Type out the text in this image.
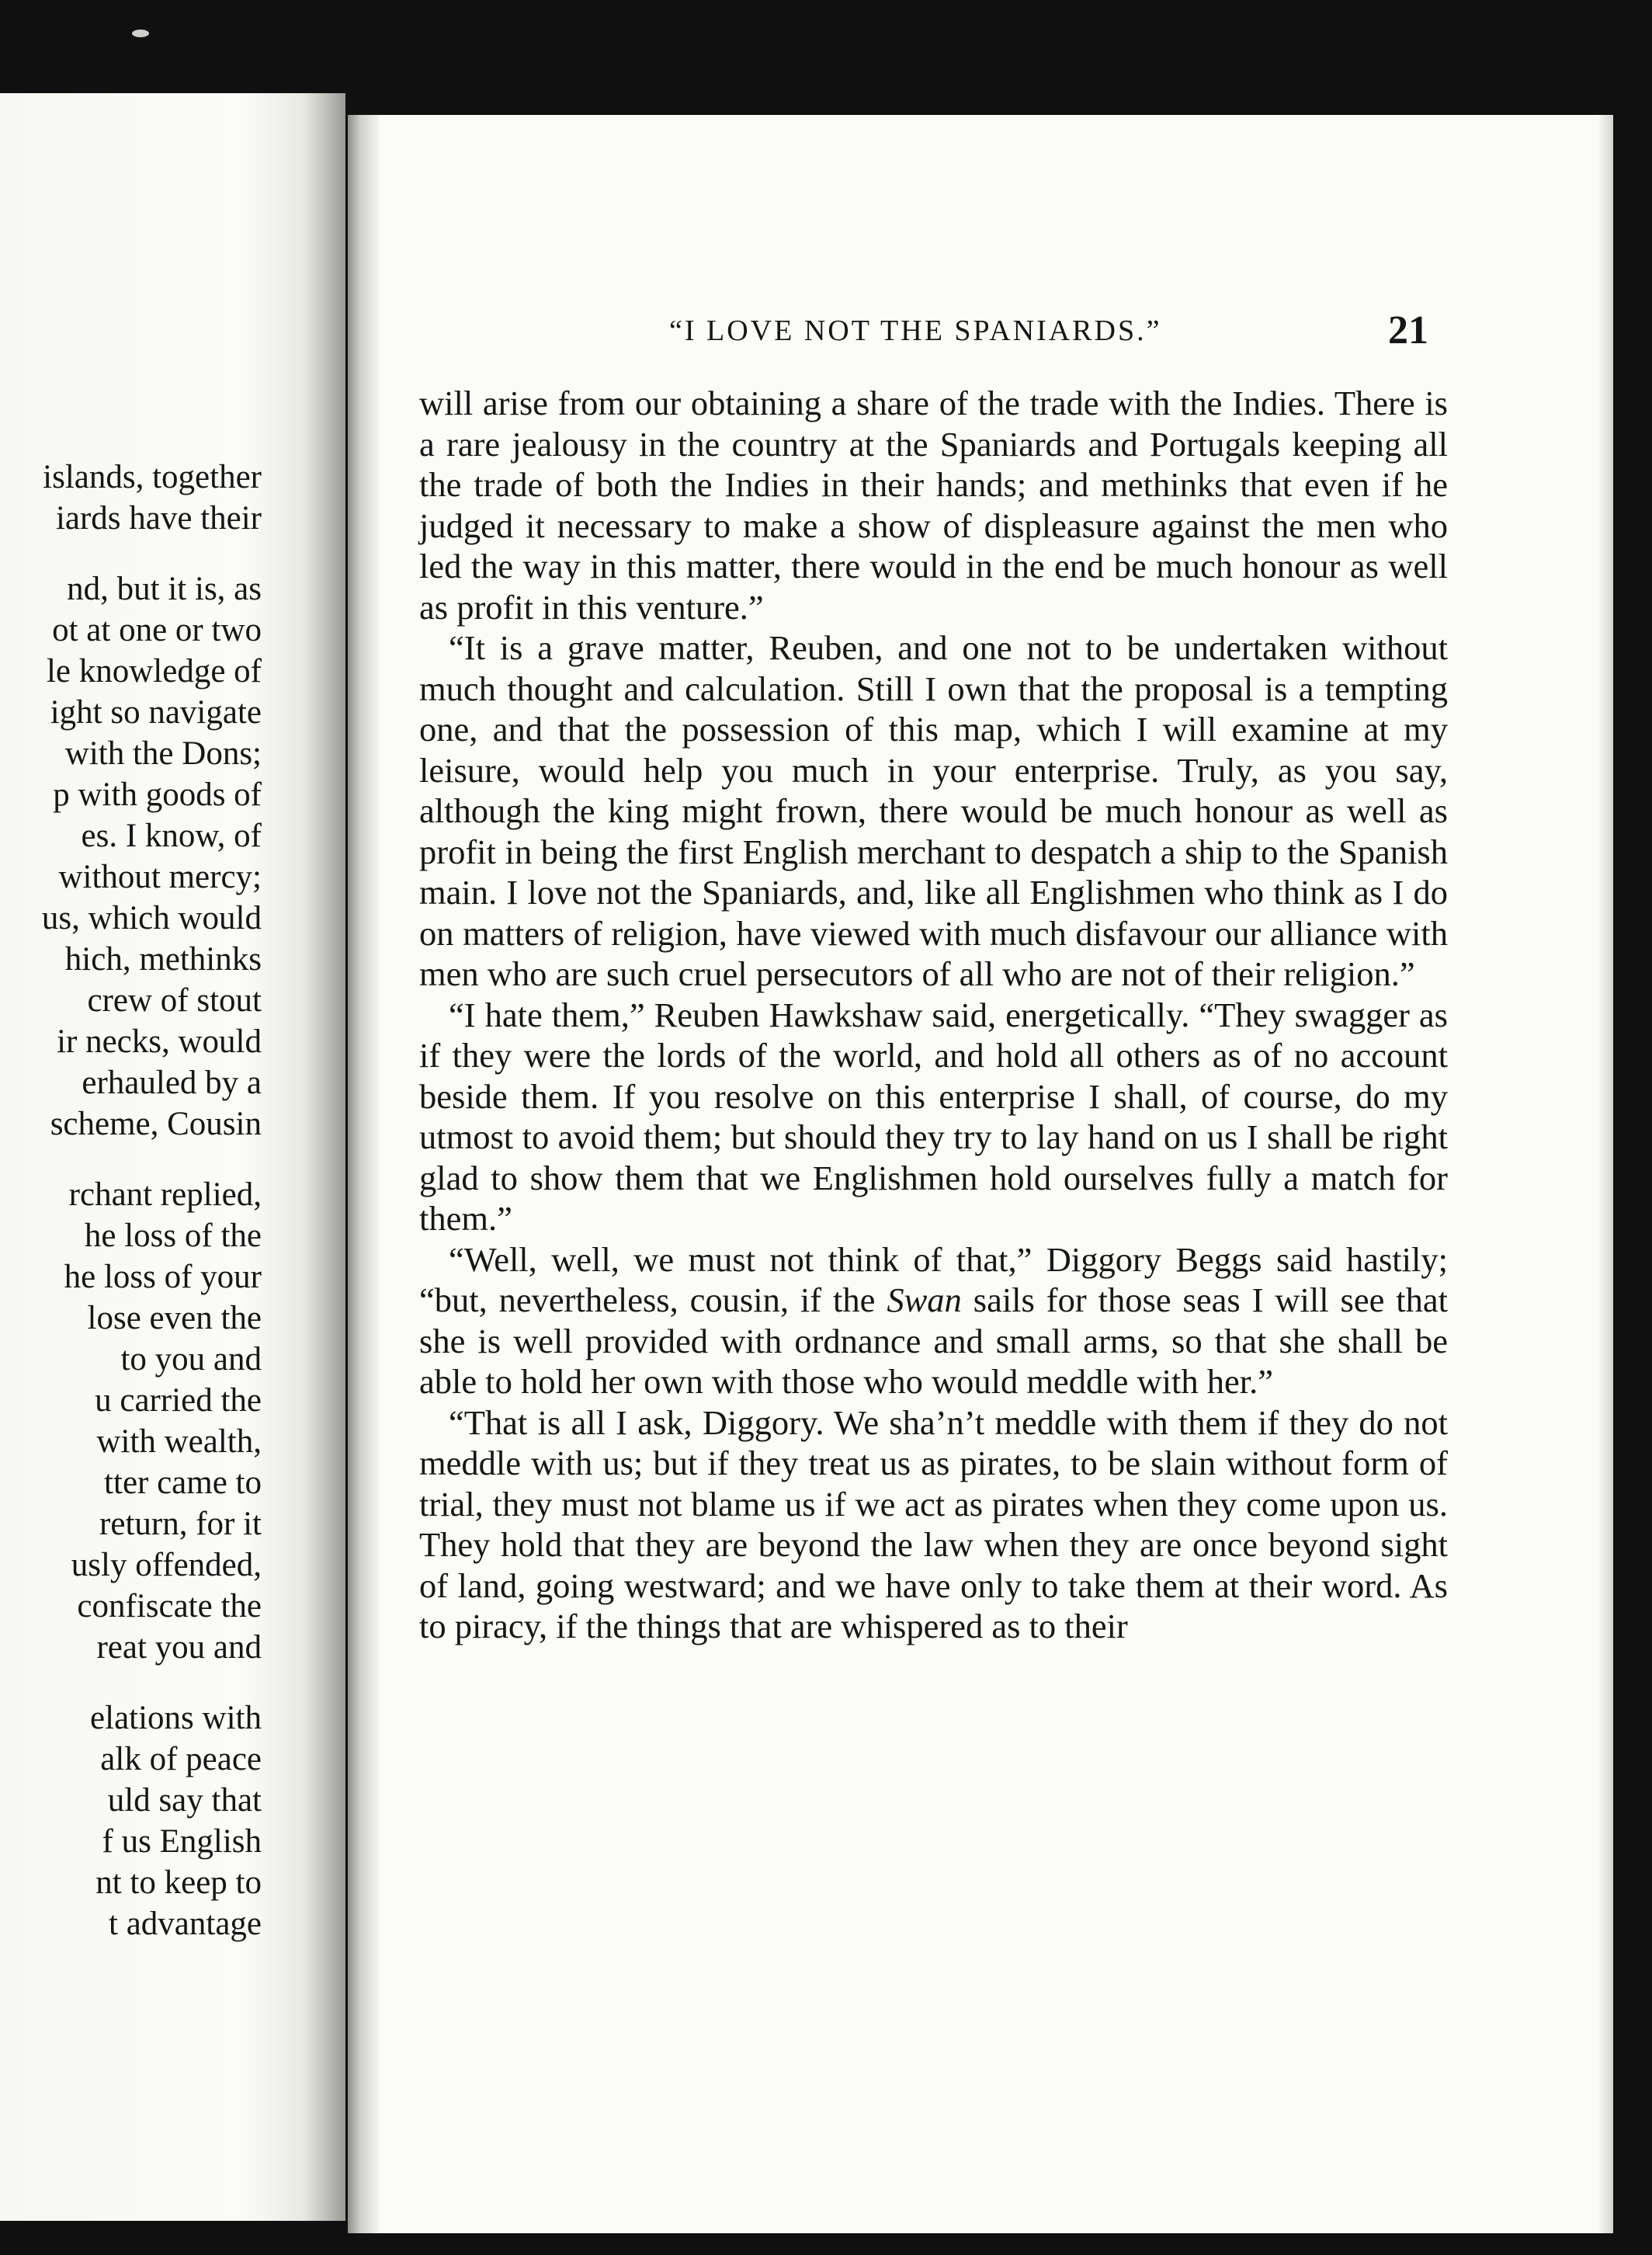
islands, together
iards have their
nd, but it is, as
ot at one or two
le knowledge of
ight so navigate
with the Dons;
p with goods of
es. I know, of
without mercy;
us, which would
hich, methinks
crew of stout
ir necks, would
erhauled by a
scheme, Cousin
rchant replied,
he loss of the
he loss of your
lose even the
to you and
u carried the
with wealth,
tter came to
return, for it
usly offended,
confiscate the
reat you and
elations with
alk of peace
uld say that
f us English
nt to keep to
t advantage
“I LOVE NOT THE SPANIARDS.”	21

will arise from our obtaining a share of the trade with the Indies. There is a rare jealousy in the country at the Spaniards and Portugals keeping all the trade of both the Indies in their hands; and methinks that even if he judged it necessary to make a show of displeasure against the men who led the way in this matter, there would in the end be much honour as well as profit in this venture.”

“It is a grave matter, Reuben, and one not to be undertaken without much thought and calculation. Still I own that the proposal is a tempting one, and that the possession of this map, which I will examine at my leisure, would help you much in your enterprise. Truly, as you say, although the king might frown, there would be much honour as well as profit in being the first English merchant to despatch a ship to the Spanish main. I love not the Spaniards, and, like all Englishmen who think as I do on matters of religion, have viewed with much disfavour our alliance with men who are such cruel persecutors of all who are not of their religion.”

“I hate them,” Reuben Hawkshaw said, energetically. “They swagger as if they were the lords of the world, and hold all others as of no account beside them. If you resolve on this enterprise I shall, of course, do my utmost to avoid them; but should they try to lay hand on us I shall be right glad to show them that we Englishmen hold ourselves fully a match for them.”

“Well, well, we must not think of that,” Diggory Beggs said hastily; “but, nevertheless, cousin, if the Swan sails for those seas I will see that she is well provided with ordnance and small arms, so that she shall be able to hold her own with those who would meddle with her.”

“That is all I ask, Diggory. We sha’n’t meddle with them if they do not meddle with us; but if they treat us as pirates, to be slain without form of trial, they must not blame us if we act as pirates when they come upon us. They hold that they are beyond the law when they are once beyond sight of land, going westward; and we have only to take them at their word. As to piracy, if the things that are whispered as to their
